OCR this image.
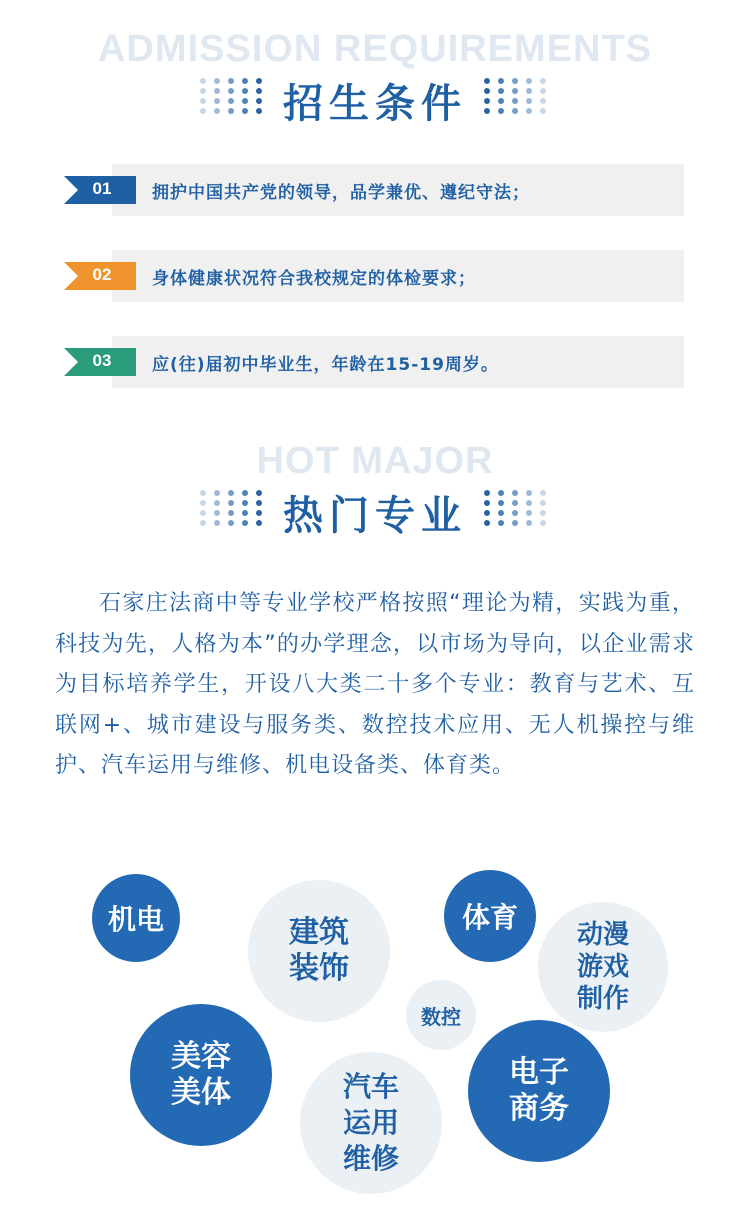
ADMISSION REQUIREMENTS
招生条件
01	拥护中国共产党的领导，品学兼优、遵纪守法；
02	身体健康状况符合我校规定的体检要求；
03	应(往)届初中毕业生，年龄在15-19周岁。
HOT MAJOR
热门专业

石家庄法商中等专业学校严格按照“理论为精，实践为重，科技为先，人格为本”的办学理念，以市场为导向，以企业需求为目标培养学生，开设八大类二十多个专业：教育与艺术、互联网+、城市建设与服务类、数控技术应用、无人机操控与维护、汽车运用与维修、机电设备类、体育类。

机电	建筑
装饰
体育
动漫
游戏
制作
数控
美容
美体	汽车
运用
维修
电子
商务
